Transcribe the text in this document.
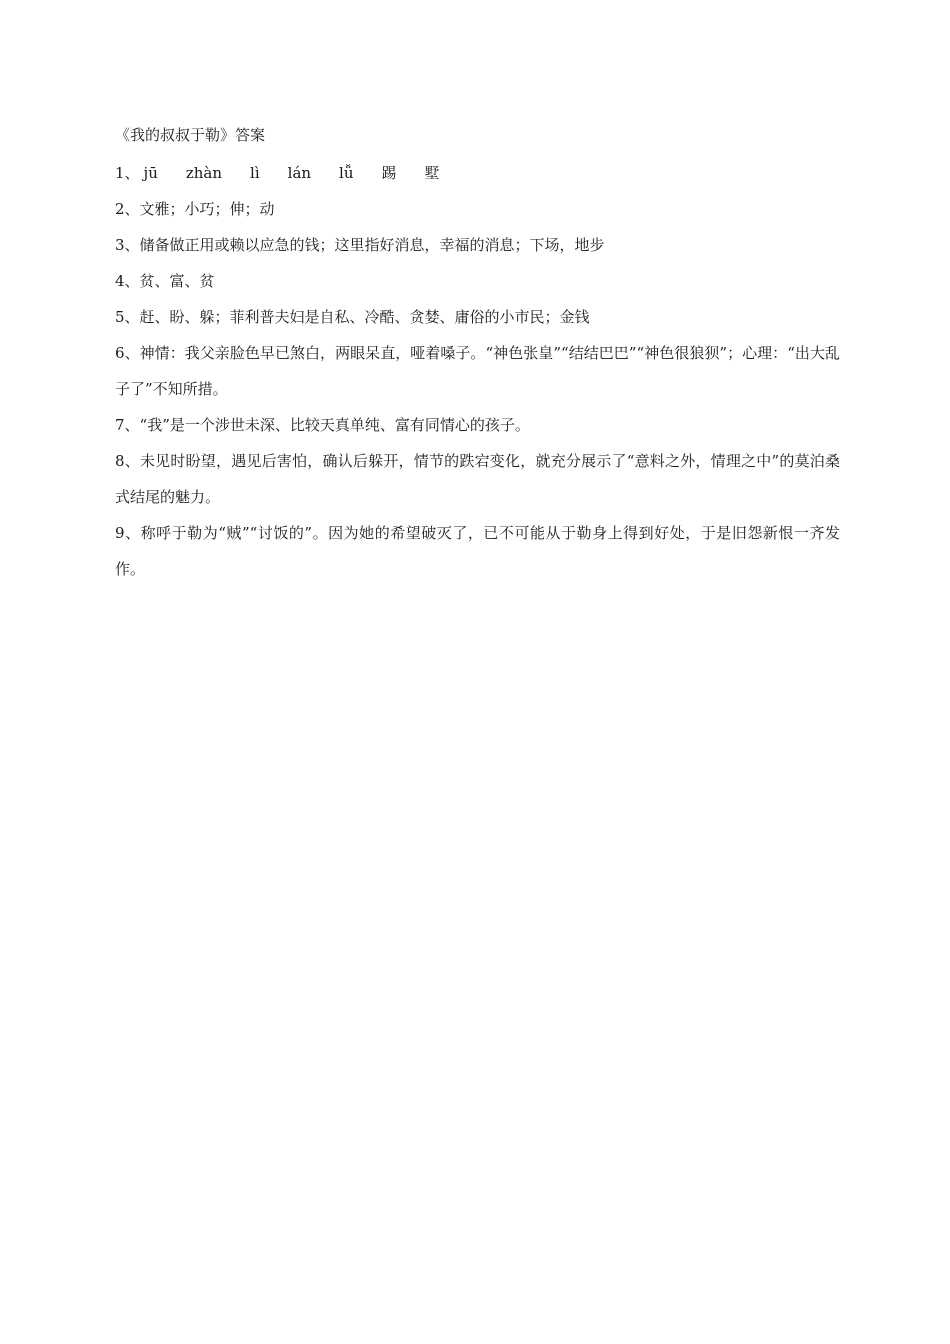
《我的叔叔于勒》答案
1、 jū zhàn lì lán lǚ 踢 墅
2、文雅；小巧；伸；动
3、储备做正用或赖以应急的钱；这里指好消息，幸福的消息；下场，地步
4、贫、富、贫
5、赶、盼、躲；菲利普夫妇是自私、冷酷、贪婪、庸俗的小市民；金钱
6、神情：我父亲脸色早已煞白，两眼呆直，哑着嗓子。“神色张皇”“结结巴巴”“神色很狼狈”；心理：“出大乱子了”不知所措。
7、“我”是一个涉世未深、比较天真单纯、富有同情心的孩子。
8、未见时盼望，遇见后害怕，确认后躲开，情节的跌宕变化，就充分展示了“意料之外，情理之中”的莫泊桑式结尾的魅力。
9、称呼于勒为“贼”“讨饭的”。因为她的希望破灭了，已不可能从于勒身上得到好处，于是旧怨新恨一齐发作。
